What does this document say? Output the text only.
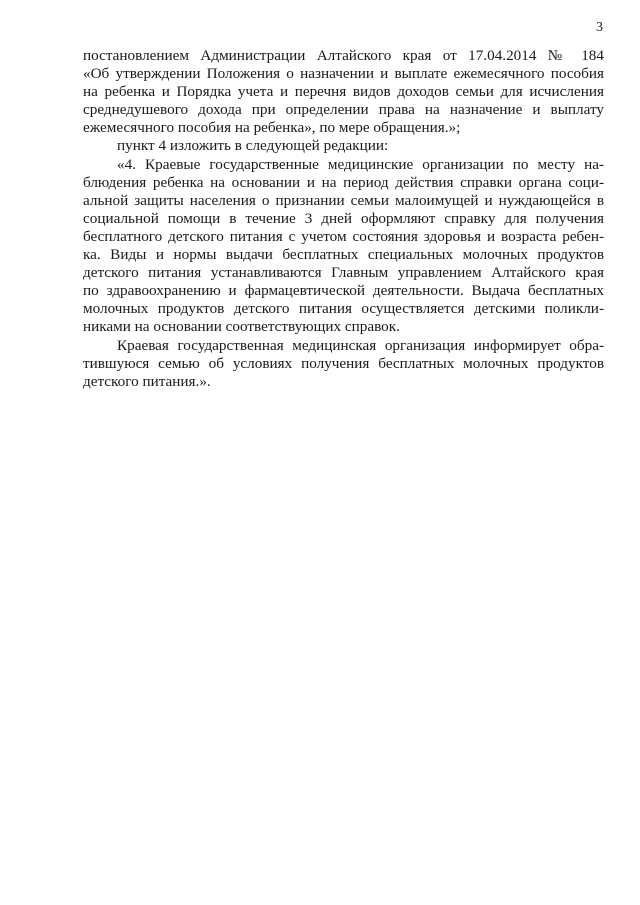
3
постановлением Администрации Алтайского края от 17.04.2014 № 184
«Об утверждении Положения о назначении и выплате ежемесячного пособия
на ребенка и Порядка учета и перечня видов доходов семьи для исчисления
среднедушевого дохода при определении права на назначение и выплату
ежемесячного пособия на ребенка», по мере обращения.»;
пункт 4 изложить в следующей редакции:
«4. Краевые государственные медицинские организации по месту на-
блюдения ребенка на основании и на период действия справки органа соци-
альной защиты населения о признании семьи малоимущей и нуждающейся в
социальной помощи в течение 3 дней оформляют справку для получения
бесплатного детского питания с учетом состояния здоровья и возраста ребен-
ка. Виды и нормы выдачи бесплатных специальных молочных продуктов
детского питания устанавливаются Главным управлением Алтайского края
по здравоохранению и фармацевтической деятельности. Выдача бесплатных
молочных продуктов детского питания осуществляется детскими поликли-
никами на основании соответствующих справок.
Краевая государственная медицинская организация информирует обра-
тившуюся семью об условиях получения бесплатных молочных продуктов
детского питания.».
